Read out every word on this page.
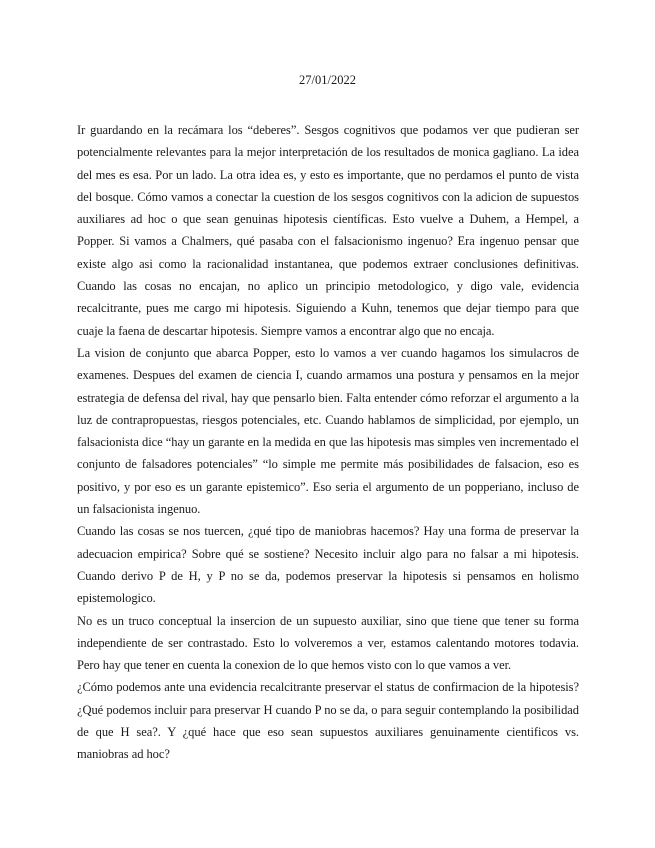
27/01/2022

Ir guardando en la recámara los “deberes”. Sesgos cognitivos que podamos ver que pudieran ser potencialmente relevantes para la mejor interpretación de los resultados de monica gagliano. La idea del mes es esa. Por un lado. La otra idea es, y esto es importante, que no perdamos el punto de vista del bosque. Cómo vamos a conectar la cuestion de los sesgos cognitivos con la adicion de supuestos auxiliares ad hoc o que sean genuinas hipotesis científicas. Esto vuelve a Duhem, a Hempel, a Popper. Si vamos a Chalmers, qué pasaba con el falsacionismo ingenuo? Era ingenuo pensar que existe algo asi como la racionalidad instantanea, que podemos extraer conclusiones definitivas. Cuando las cosas no encajan, no aplico un principio metodologico, y digo vale, evidencia recalcitrante, pues me cargo mi hipotesis. Siguiendo a Kuhn, tenemos que dejar tiempo para que cuaje la faena de descartar hipotesis. Siempre vamos a encontrar algo que no encaja.

La vision de conjunto que abarca Popper, esto lo vamos a ver cuando hagamos los simulacros de examenes. Despues del examen de ciencia I, cuando armamos una postura y pensamos en la mejor estrategia de defensa del rival, hay que pensarlo bien. Falta entender cómo reforzar el argumento a la luz de contrapropuestas, riesgos potenciales, etc. Cuando hablamos de simplicidad, por ejemplo, un falsacionista dice “hay un garante en la medida en que las hipotesis mas simples ven incrementado el conjunto de falsadores potenciales” “lo simple me permite más posibilidades de falsacion, eso es positivo, y por eso es un garante epistemico”. Eso seria el argumento de un popperiano, incluso de un falsacionista ingenuo.

Cuando las cosas se nos tuercen, ¿qué tipo de maniobras hacemos? Hay una forma de preservar la adecuacion empirica? Sobre qué se sostiene? Necesito incluir algo para no falsar a mi hipotesis. Cuando derivo P de H, y P no se da, podemos preservar la hipotesis si pensamos en holismo epistemologico.

No es un truco conceptual la insercion de un supuesto auxiliar, sino que tiene que tener su forma independiente de ser contrastado. Esto lo volveremos a ver, estamos calentando motores todavia. Pero hay que tener en cuenta la conexion de lo que hemos visto con lo que vamos a ver.

¿Cómo podemos ante una evidencia recalcitrante preservar el status de confirmacion de la hipotesis? ¿Qué podemos incluir para preservar H cuando P no se da, o para seguir contemplando la posibilidad de que H sea?. Y ¿qué hace que eso sean supuestos auxiliares genuinamente cientificos vs. maniobras ad hoc?
